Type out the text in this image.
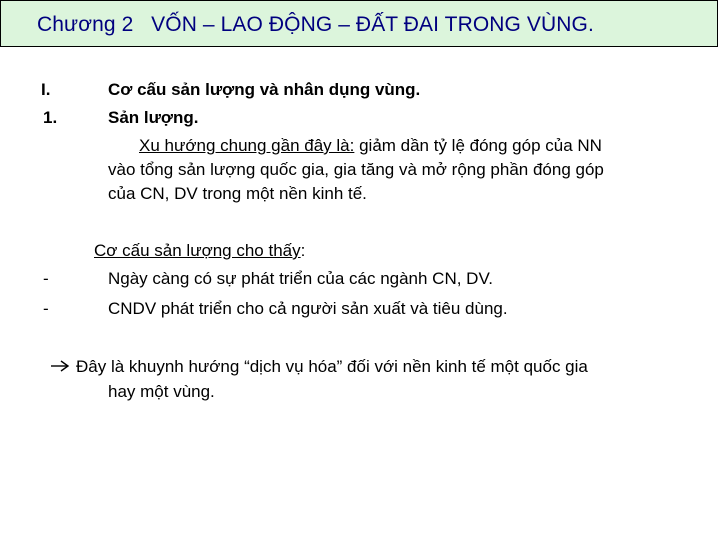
Chương 2 VỐN – LAO ĐỘNG – ĐẤT ĐAI TRONG VÙNG.
I.	Cơ cấu sản lượng và nhân dụng vùng.
1.	Sản lượng.
Xu hướng chung gần đây là: giảm dần tỷ lệ đóng góp của NN
vào tổng sản lượng quốc gia, gia tăng và mở rộng phần đóng góp
của CN, DV trong một nền kinh tế.
Cơ cấu sản lượng cho thấy:
-	Ngày càng có sự phát triển của các ngành CN, DV.
-	CNDV phát triển cho cả người sản xuất và tiêu dùng.
Đây là khuynh hướng “dịch vụ hóa” đối với nền kinh tế một quốc gia
hay một vùng.
